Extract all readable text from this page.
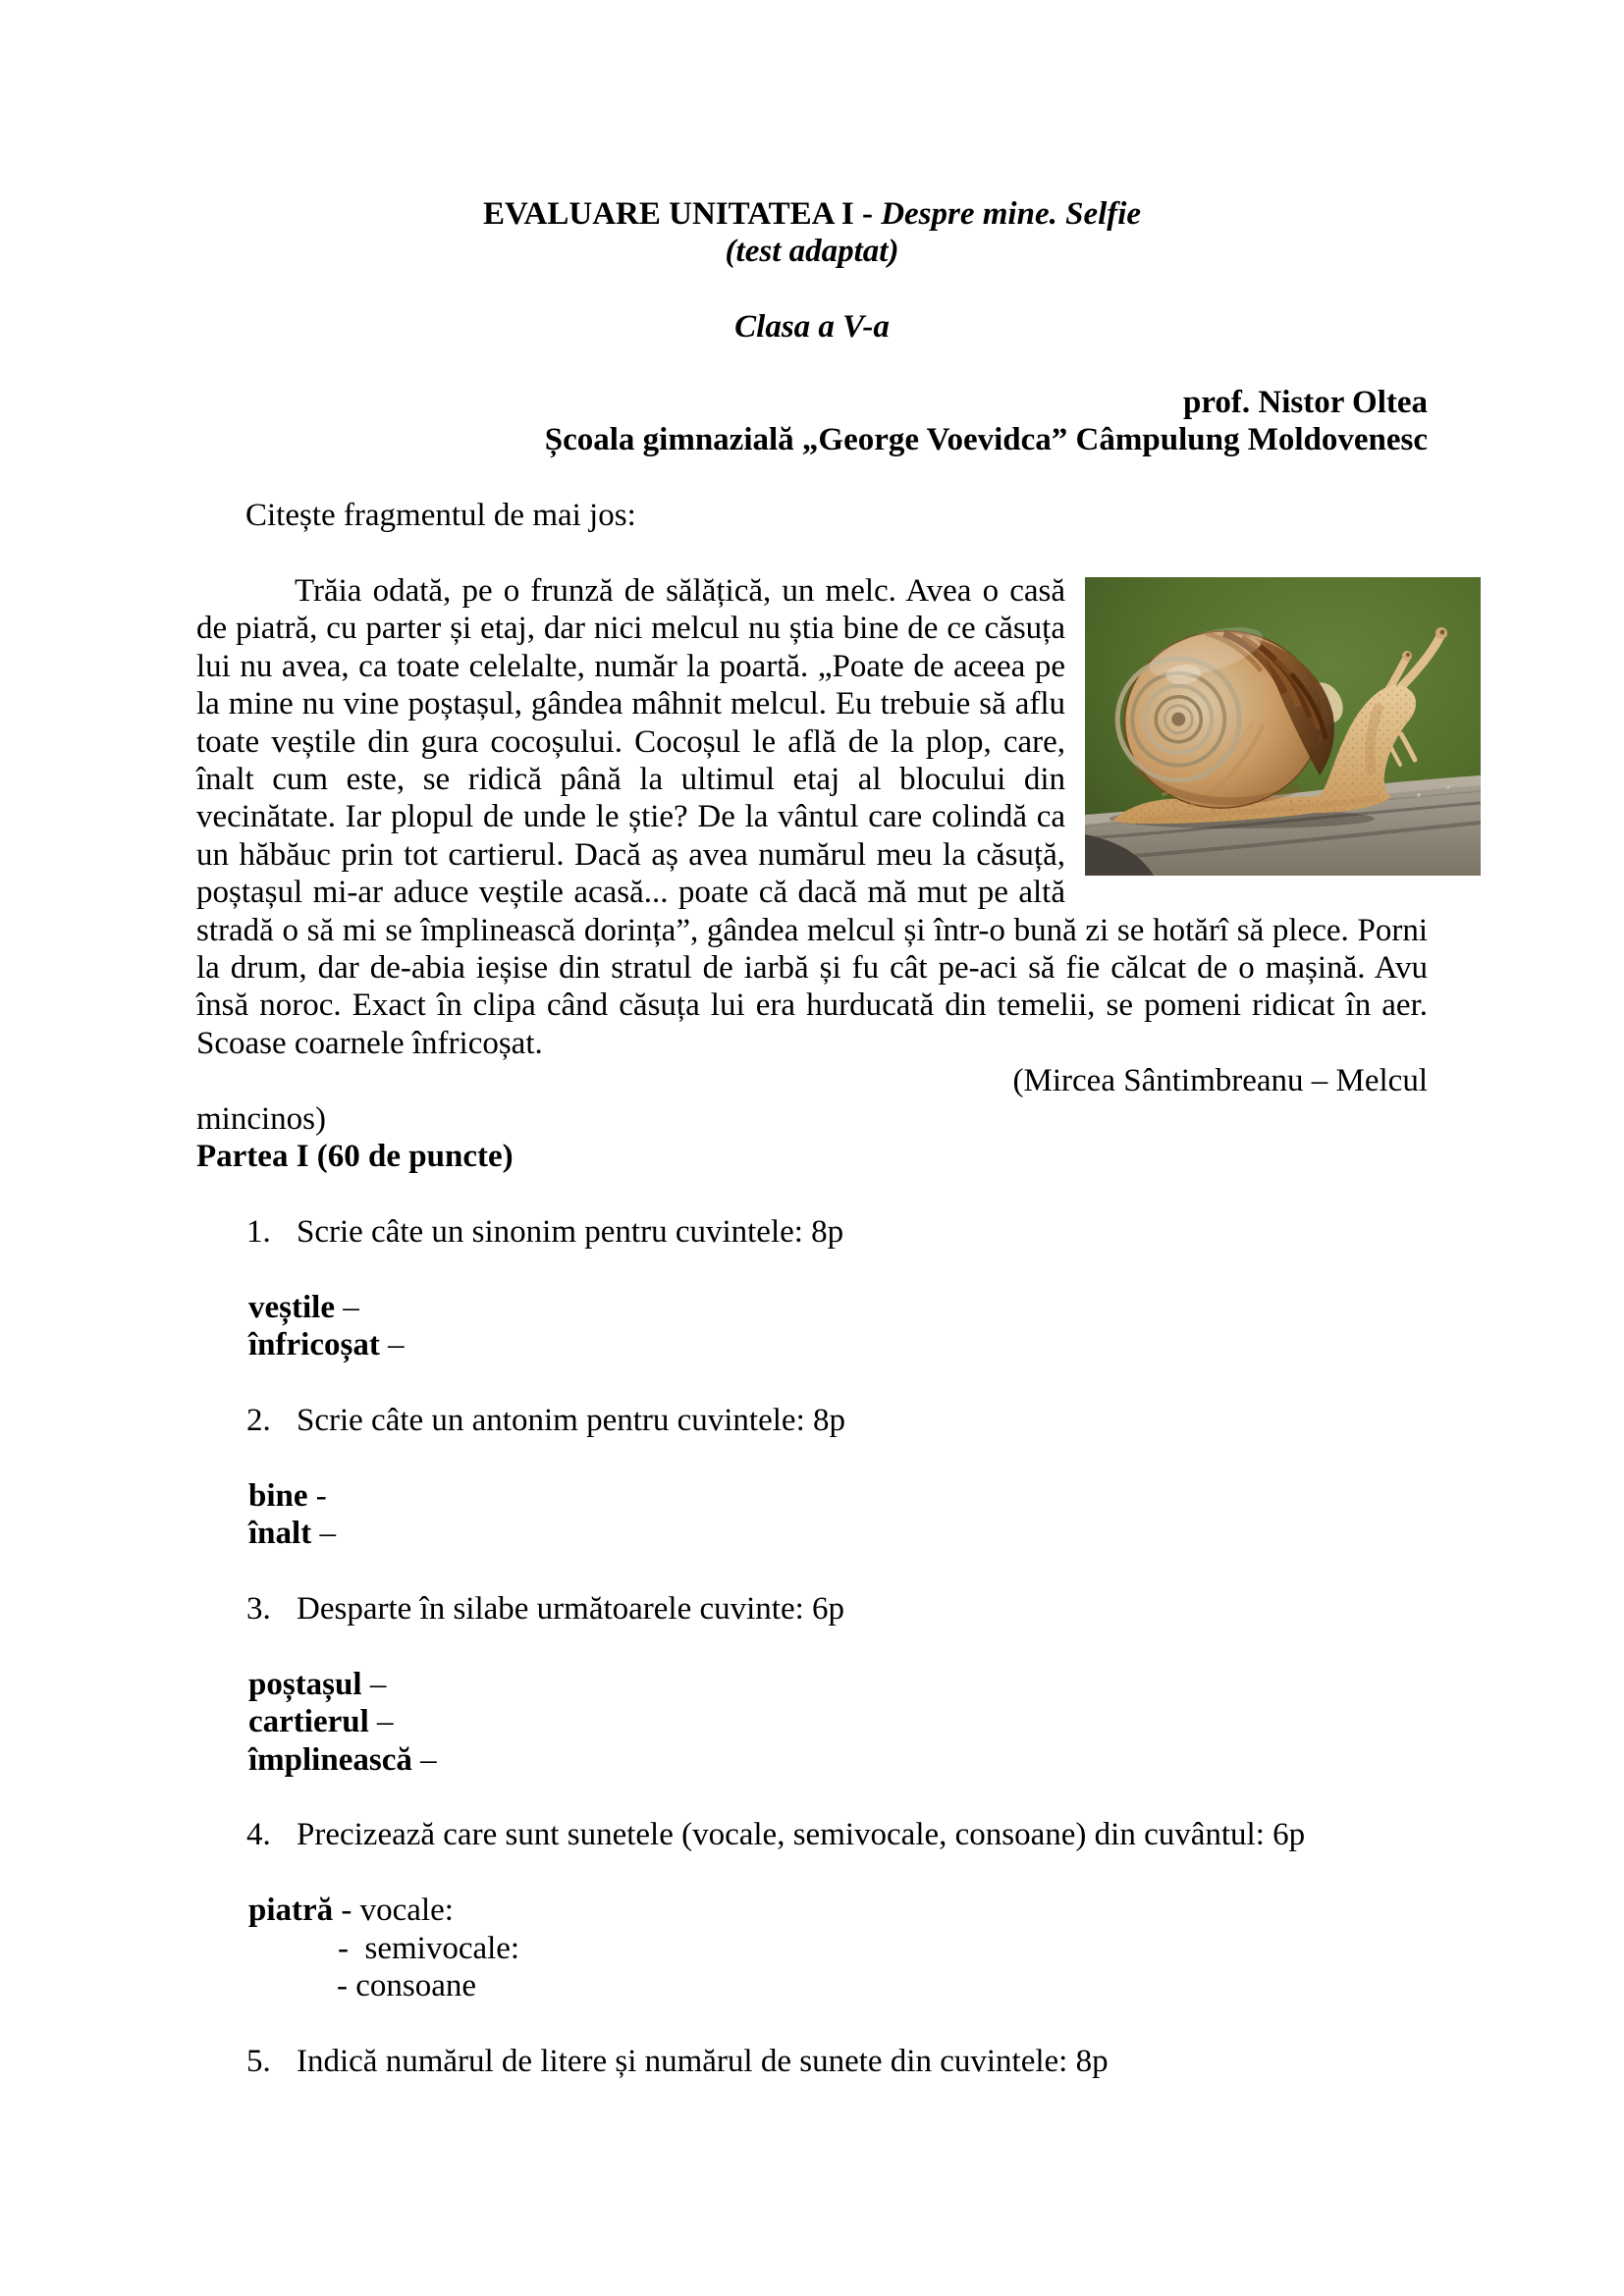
EVALUARE UNITATEA I - Despre mine. Selfie
(test adaptat)
Clasa a V-a
prof. Nistor Oltea
Școala gimnazială „George Voevidca” Câmpulung Moldovenesc
Citește fragmentul de mai jos:
Trăia odată, pe o frunză de sălățică, un melc. Avea o casă de piatră, cu parter și etaj, dar nici melcul nu știa bine de ce căsuța lui nu avea, ca toate celelalte, număr la poartă. „Poate de aceea pe la mine nu vine poștașul, gândea mâhnit melcul. Eu trebuie să aflu toate veștile din gura cocoșului. Cocoșul le află de la plop, care, înalt cum este, se ridică până la ultimul etaj al blocului din vecinătate. Iar plopul de unde le știe? De la vântul care colindă ca un hăbăuc prin tot cartierul. Dacă aș avea numărul meu la căsuță, poștașul mi-ar aduce veștile acasă... poate că dacă mă mut pe altă stradă o să mi se împlinească dorința”, gândea melcul și într-o bună zi se hotărî să plece. Porni la drum, dar de-abia ieșise din stratul de iarbă și fu cât pe-aci să fie călcat de o mașină. Avu însă noroc. Exact în clipa când căsuța lui era hurducată din temelii, se pomeni ridicat în aer. Scoase coarnele înfricoșat.
(Mircea Sântimbreanu – Melcul
mincinos)
Partea I (60 de puncte)
1. Scrie câte un sinonim pentru cuvintele: 8p
veștile –
înfricoșat –
2. Scrie câte un antonim pentru cuvintele: 8p
bine -
înalt –
3. Desparte în silabe următoarele cuvinte: 6p
poștașul –
cartierul –
împlinească –
4. Precizează care sunt sunetele (vocale, semivocale, consoane) din cuvântul: 6p
piatră - vocale:
-  semivocale:
- consoane
5. Indică numărul de litere și numărul de sunete din cuvintele: 8p
